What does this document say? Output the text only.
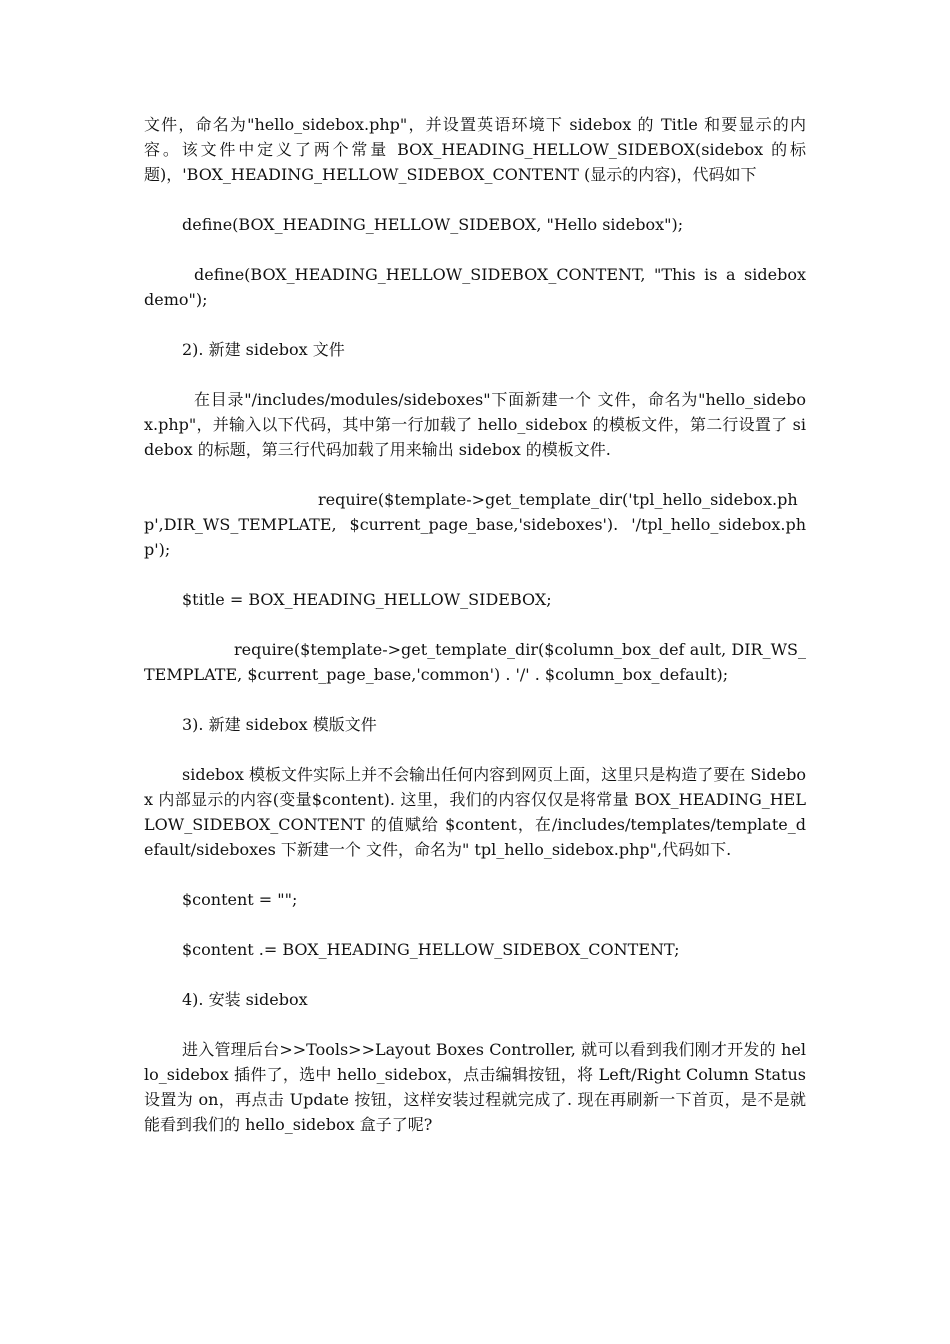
文件，命名为"hello_sidebox.php"，并设置英语环境下 sidebox 的 Title 和要显示的内容。该文件中定义了两个常量 BOX_HEADING_HELLOW_SIDEBOX(sidebox 的标题)，'BOX_HEADING_HELLOW_SIDEBOX_CONTENT (显示的内容)，代码如下

define(BOX_HEADING_HELLOW_SIDEBOX, "Hello sidebox");

define(BOX_HEADING_HELLOW_SIDEBOX_CONTENT, "This is a sidebox demo");

2). 新建 sidebox 文件

在目录"/includes/modules/sideboxes"下面新建一个 文件，命名为"hello_sidebox.php"，并输入以下代码，其中第一行加载了 hello_sidebox 的模板文件，第二行设置了 sidebox 的标题，第三行代码加载了用来输出 sidebox 的模板文件.

require($template->get_template_dir('tpl_hello_sidebox.php',DIR_WS_TEMPLATE, $current_page_base,'sideboxes'). '/tpl_hello_sidebox.php');

$title = BOX_HEADING_HELLOW_SIDEBOX;

require($template->get_template_dir($column_box_def ault, DIR_WS_TEMPLATE, $current_page_base,'common') . '/' . $column_box_default);

3). 新建 sidebox 模版文件

sidebox 模板文件实际上并不会输出任何内容到网页上面，这里只是构造了要在 Sidebox 内部显示的内容(变量$content). 这里，我们的内容仅仅是将常量 BOX_HEADING_HELLOW_SIDEBOX_CONTENT 的值赋给 $content，在/includes/templates/template_default/sideboxes 下新建一个 文件，命名为" tpl_hello_sidebox.php",代码如下.

$content = "";

$content .= BOX_HEADING_HELLOW_SIDEBOX_CONTENT;

4). 安装 sidebox

进入管理后台>>Tools>>Layout Boxes Controller, 就可以看到我们刚才开发的 hello_sidebox 插件了，选中 hello_sidebox，点击编辑按钮，将 Left/Right Column Status 设置为 on，再点击 Update 按钮，这样安装过程就完成了. 现在再刷新一下首页，是不是就能看到我们的 hello_sidebox 盒子了呢?
